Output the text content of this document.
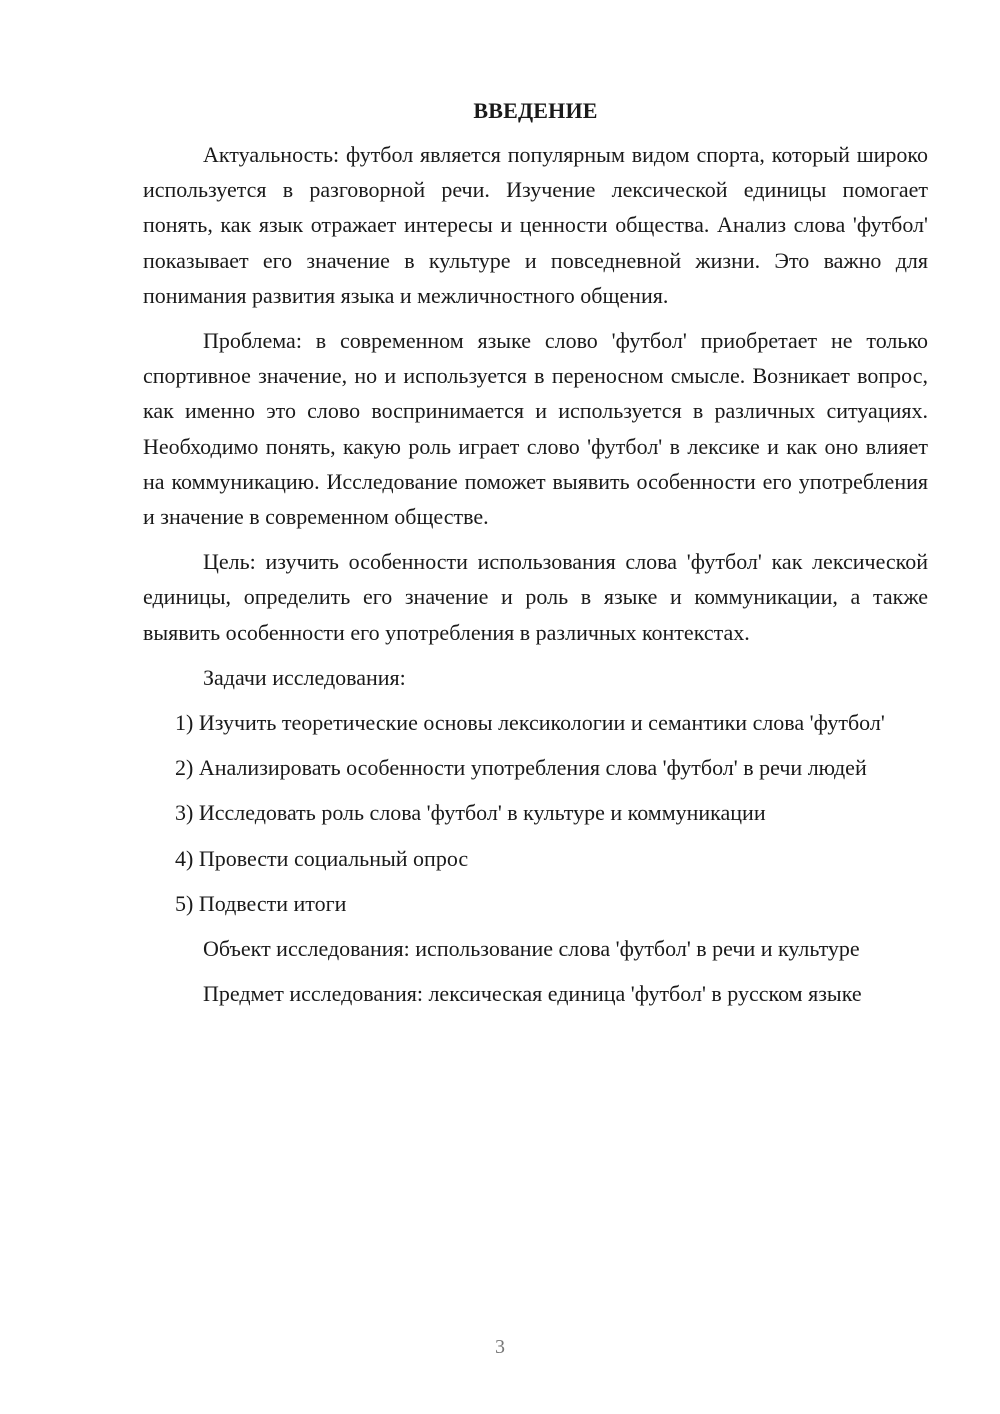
ВВЕДЕНИЕ

Актуальность: футбол является популярным видом спорта, который широко используется в разговорной речи. Изучение лексической единицы помогает понять, как язык отражает интересы и ценности общества. Анализ слова 'футбол' показывает его значение в культуре и повседневной жизни. Это важно для понимания развития языка и межличностного общения.

Проблема: в современном языке слово 'футбол' приобретает не только спортивное значение, но и используется в переносном смысле. Возникает вопрос, как именно это слово воспринимается и используется в различных ситуациях. Необходимо понять, какую роль играет слово 'футбол' в лексике и как оно влияет на коммуникацию. Исследование поможет выявить особенности его употребления и значение в современном обществе.

Цель: изучить особенности использования слова 'футбол' как лексической единицы, определить его значение и роль в языке и коммуникации, а также выявить особенности его употребления в различных контекстах.

Задачи исследования:

1) Изучить теоретические основы лексикологии и семантики слова 'футбол'

2) Анализировать особенности употребления слова 'футбол' в речи людей

3) Исследовать роль слова 'футбол' в культуре и коммуникации

4) Провести социальный опрос

5) Подвести итоги

Объект исследования: использование слова 'футбол' в речи и культуре

Предмет исследования: лексическая единица 'футбол' в русском языке

3
